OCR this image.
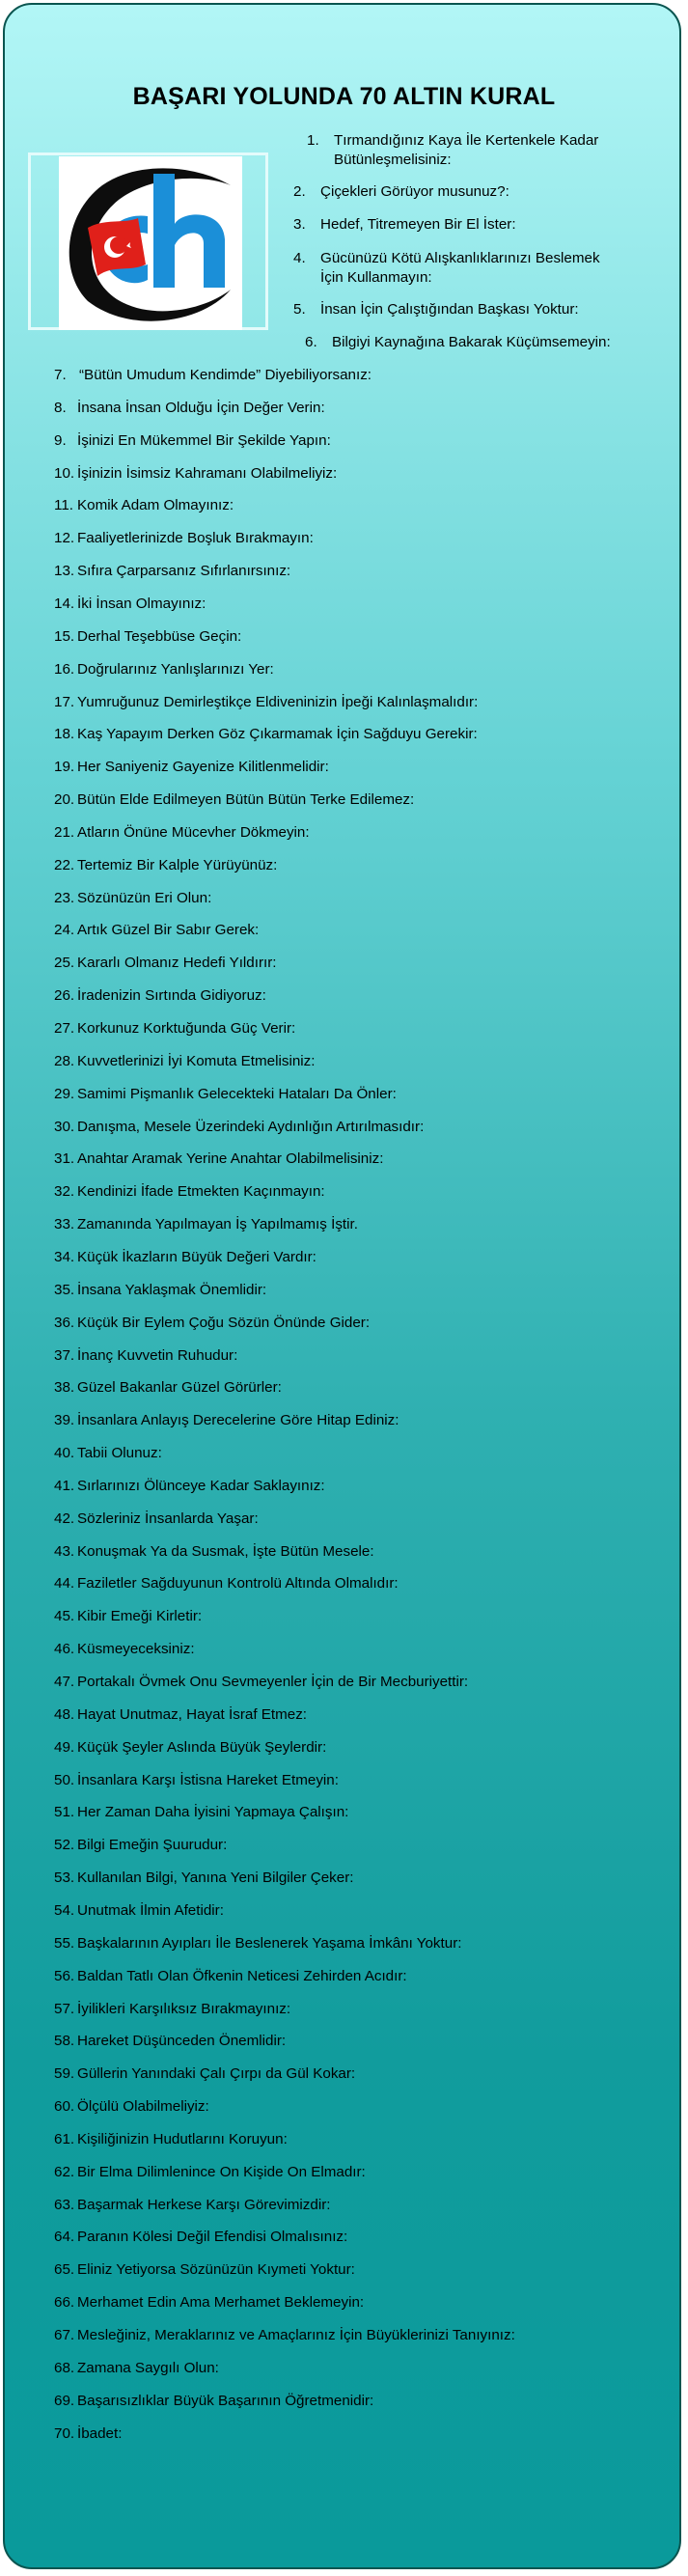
BAŞARI YOLUNDA 70 ALTIN KURAL
1.	Tırmandığınız Kaya İle Kertenkele Kadar Bütünleşmelisiniz:
2.	Çiçekleri Görüyor musunuz?:
3.	Hedef, Titremeyen Bir El İster:
4.	Gücünüzü Kötü Alışkanlıklarınızı Beslemek İçin Kullanmayın:
5.	İnsan İçin Çalıştığından Başkası Yoktur:
6.	Bilgiyi Kaynağına Bakarak Küçümsemeyin:
7. “Bütün Umudum Kendimde” Diyebiliyorsanız:
8. İnsana İnsan Olduğu İçin Değer Verin:
9. İşinizi En Mükemmel Bir Şekilde Yapın:
10. İşinizin İsimsiz Kahramanı Olabilmeliyiz:
11. Komik Adam Olmayınız:
12. Faaliyetlerinizde Boşluk Bırakmayın:
13. Sıfıra Çarparsanız Sıfırlanırsınız:
14. İki İnsan Olmayınız:
15. Derhal Teşebbüse Geçin:
16. Doğrularınız Yanlışlarınızı Yer:
17. Yumruğunuz Demirleştikçe Eldiveninizin İpeği Kalınlaşmalıdır:
18. Kaş Yapayım Derken Göz Çıkarmamak İçin Sağduyu Gerekir:
19. Her Saniyeniz Gayenize Kilitlenmelidir:
20. Bütün Elde Edilmeyen Bütün Bütün Terke Edilemez:
21. Atların Önüne Mücevher Dökmeyin:
22. Tertemiz Bir Kalple Yürüyünüz:
23. Sözünüzün Eri Olun:
24. Artık Güzel Bir Sabır Gerek:
25. Kararlı Olmanız Hedefi Yıldırır:
26. İradenizin Sırtında Gidiyoruz:
27. Korkunuz Korktuğunda Güç Verir:
28. Kuvvetlerinizi İyi Komuta Etmelisiniz:
29. Samimi Pişmanlık Gelecekteki Hataları Da Önler:
30. Danışma, Mesele Üzerindeki Aydınlığın Artırılmasıdır:
31. Anahtar Aramak Yerine Anahtar Olabilmelisiniz:
32. Kendinizi İfade Etmekten Kaçınmayın:
33. Zamanında Yapılmayan İş Yapılmamış İştir.
34. Küçük İkazların Büyük Değeri Vardır:
35. İnsana Yaklaşmak Önemlidir:
36. Küçük Bir Eylem Çoğu Sözün Önünde Gider:
37. İnanç Kuvvetin Ruhudur:
38. Güzel Bakanlar Güzel Görürler:
39. İnsanlara Anlayış Derecelerine Göre Hitap Ediniz:
40. Tabii Olunuz:
41. Sırlarınızı Ölünceye Kadar Saklayınız:
42. Sözleriniz İnsanlarda Yaşar:
43. Konuşmak Ya da Susmak, İşte Bütün Mesele:
44. Faziletler Sağduyunun Kontrolü Altında Olmalıdır:
45. Kibir Emeği Kirletir:
46. Küsmeyeceksiniz:
47. Portakalı Övmek Onu Sevmeyenler İçin de Bir Mecburiyettir:
48. Hayat Unutmaz, Hayat İsraf Etmez:
49. Küçük Şeyler Aslında Büyük Şeylerdir:
50. İnsanlara Karşı İstisna Hareket Etmeyin:
51. Her Zaman Daha İyisini Yapmaya Çalışın:
52. Bilgi Emeğin Şuurudur:
53. Kullanılan Bilgi, Yanına Yeni Bilgiler Çeker:
54. Unutmak İlmin Afetidir:
55. Başkalarının Ayıpları İle Beslenerek Yaşama İmkânı Yoktur:
56. Baldan Tatlı Olan Öfkenin Neticesi Zehirden Acıdır:
57. İyilikleri Karşılıksız Bırakmayınız:
58. Hareket Düşünceden Önemlidir:
59. Güllerin Yanındaki Çalı Çırpı da Gül Kokar:
60. Ölçülü Olabilmeliyiz:
61. Kişiliğinizin Hudutlarını Koruyun:
62. Bir Elma Dilimlenince On Kişide On Elmadır:
63. Başarmak Herkese Karşı Görevimizdir:
64. Paranın Kölesi Değil Efendisi Olmalısınız:
65. Eliniz Yetiyorsa Sözünüzün Kıymeti Yoktur:
66. Merhamet Edin Ama Merhamet Beklemeyin:
67. Mesleğiniz, Meraklarınız ve Amaçlarınız İçin Büyüklerinizi Tanıyınız:
68. Zamana Saygılı Olun:
69. Başarısızlıklar Büyük Başarının Öğretmenidir:
70. İbadet:
